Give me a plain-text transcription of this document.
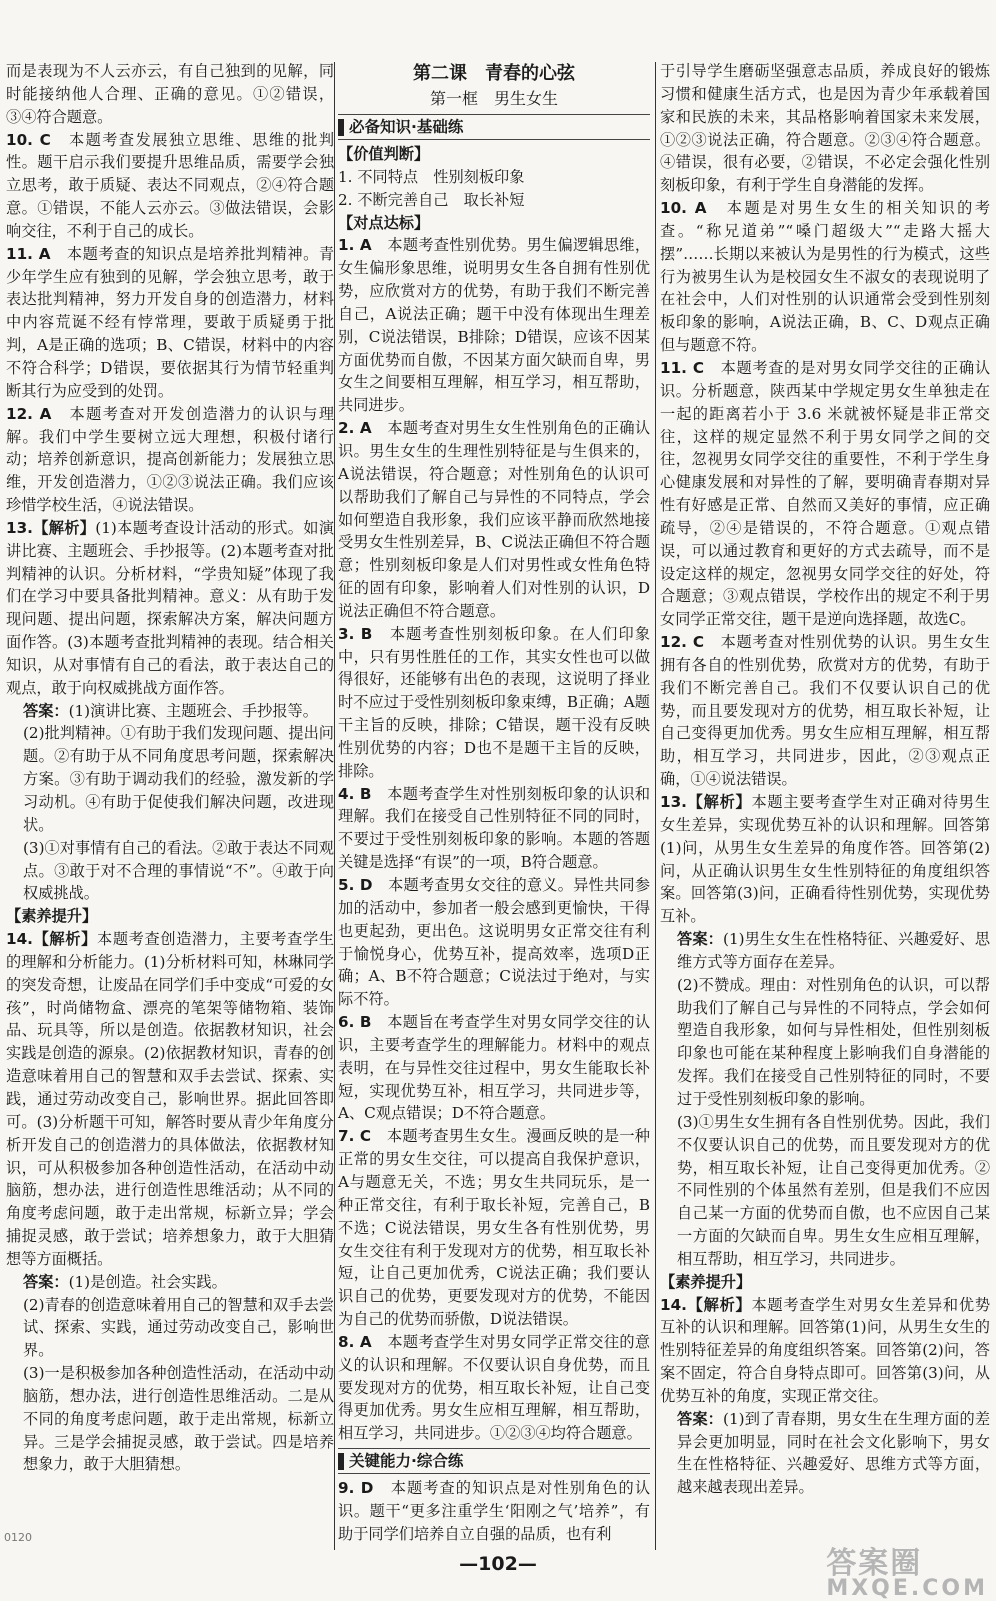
而是表现为不人云亦云，有自己独到的见解，同时能接纳他人合理、正确的意见。①②错误，③④符合题意。

10. C　 本题考查发展独立思维、思维的批判性。题干启示我们要提升思维品质，需要学会独立思考，敢于质疑、表达不同观点，②④符合题意。①错误，不能人云亦云。③做法错误，会影响交往，不利于自己的成长。

11. A　 本题考查的知识点是培养批判精神。青少年学生应有独到的见解，学会独立思考，敢于表达批判精神，努力开发自身的创造潜力，材料中内容荒诞不经有悖常理，要敢于质疑勇于批判，A是正确的选项；B、C错误，材料中的内容不符合科学；D错误，要依据其行为情节轻重判断其行为应受到的处罚。

12. A　 本题考查对开发创造潜力的认识与理解。我们中学生要树立远大理想，积极付诸行动；培养创新意识，提高创新能力；发展独立思维，开发创造潜力，①②③说法正确。我们应该珍惜学校生活，④说法错误。

13.【解析】(1)本题考查设计活动的形式。如演讲比赛、主题班会、手抄报等。(2)本题考查对批判精神的认识。分析材料，“学贵知疑”体现了我们在学习中要具备批判精神。意义：从有助于发现问题、提出问题，探索解决方案，解决问题方面作答。(3)本题考查批判精神的表现。结合相关知识，从对事情有自己的看法，敢于表达自己的观点，敢于向权威挑战方面作答。

答案：(1)演讲比赛、主题班会、手抄报等。

(2)批判精神。①有助于我们发现问题、提出问题。②有助于从不同角度思考问题，探索解决方案。③有助于调动我们的经验，激发新的学习动机。④有助于促使我们解决问题，改进现状。

(3)①对事情有自己的看法。②敢于表达不同观点。③敢于对不合理的事情说“不”。④敢于向权威挑战。

【素养提升】

14.【解析】本题考查创造潜力，主要考查学生的理解和分析能力。(1)分析材料可知，林琳同学的突发奇想，让废品在同学们手中变成“可爱的女孩”，时尚储物盒、漂亮的笔架等储物箱、装饰品、玩具等，所以是创造。依据教材知识，社会实践是创造的源泉。(2)依据教材知识，青春的创造意味着用自己的智慧和双手去尝试、探索、实践，通过劳动改变自己，影响世界。据此回答即可。(3)分析题干可知，解答时要从青少年角度分析开发自己的创造潜力的具体做法，依据教材知识，可从积极参加各种创造性活动，在活动中动脑筋，想办法，进行创造性思维活动；从不同的角度考虑问题，敢于走出常规，标新立异；学会捕捉灵感，敢于尝试；培养想象力，敢于大胆猜想等方面概括。

答案：(1)是创造。社会实践。

(2)青春的创造意味着用自己的智慧和双手去尝试、探索、实践，通过劳动改变自己，影响世界。

(3)一是积极参加各种创造性活动，在活动中动脑筋，想办法，进行创造性思维活动。二是从不同的角度考虑问题，敢于走出常规，标新立异。三是学会捕捉灵感，敢于尝试。四是培养想象力，敢于大胆猜想。

第二课　青春的心弦
第一框　男生女生
必备知识·基础练

【价值判断】

1. 不同特点　性别刻板印象

2. 不断完善自己　取长补短

【对点达标】

1. A　 本题考查性别优势。男生偏逻辑思维，女生偏形象思维，说明男女生各自拥有性别优势，应欣赏对方的优势，有助于我们不断完善自己，A说法正确；题干中没有体现出生理差别，C说法错误，B排除；D错误，应该不因某方面优势而自傲，不因某方面欠缺而自卑，男女生之间要相互理解，相互学习，相互帮助，共同进步。

2. A　 本题考查对男生女生性别角色的正确认识。男生女生的生理性别特征是与生俱来的，A说法错误，符合题意；对性别角色的认识可以帮助我们了解自己与异性的不同特点，学会如何塑造自我形象，我们应该平静而欣然地接受男女生性别差异，B、C说法正确但不符合题意；性别刻板印象是人们对男性或女性角色特征的固有印象，影响着人们对性别的认识，D说法正确但不符合题意。

3. B　 本题考查性别刻板印象。在人们印象中，只有男性胜任的工作，其实女性也可以做得很好，还能够有出色的表现，这说明了择业时不应过于受性别刻板印象束缚，B正确；A题干主旨的反映，排除；C错误，题干没有反映性别优势的内容；D也不是题干主旨的反映，排除。

4. B　 本题考查学生对性别刻板印象的认识和理解。我们在接受自己性别特征不同的同时，不要过于受性别刻板印象的影响。本题的答题关键是选择“有误”的一项，B符合题意。

5. D　 本题考查男女交往的意义。异性共同参加的活动中，参加者一般会感到更愉快，干得也更起劲，更出色。这说明男女正常交往有利于愉悦身心，优势互补，提高效率，选项D正确；A、B不符合题意；C说法过于绝对，与实际不符。

6. B　 本题旨在考查学生对男女同学交往的认识，主要考查学生的理解能力。材料中的观点表明，在与异性交往过程中，男女生能取长补短，实现优势互补，相互学习，共同进步等，A、C观点错误；D不符合题意。

7. C　 本题考查男生女生。漫画反映的是一种正常的男女生交往，可以提高自我保护意识，A与题意无关，不选；男女生共同玩乐，是一种正常交往，有利于取长补短，完善自己，B不选；C说法错误，男女生各有性别优势，男女生交往有利于发现对方的优势，相互取长补短，让自己更加优秀，C说法正确；我们要认识自己的优势，更要发现对方的优势，不能因为自己的优势而骄傲，D说法错误。

8. A　 本题考查学生对男女同学正常交往的意义的认识和理解。不仅要认识自身优势，而且要发现对方的优势，相互取长补短，让自己变得更加优秀。男女生应相互理解，相互帮助，相互学习，共同进步。①②③④均符合题意。

关键能力·综合练

9. D　 本题考查的知识点是对性别角色的认识。题干“更多注重学生‘阳刚之气’培养”，有助于同学们培养自立自强的品质，也有利

于引导学生磨砺坚强意志品质，养成良好的锻炼习惯和健康生活方式，也是因为青少年承载着国家和民族的未来，其品格影响着国家未来发展，①②③说法正确，符合题意。②③④符合题意。④错误，很有必要，②错误，不必定会强化性别刻板印象，有利于学生自身潜能的发挥。

10. A　 本题是对男生女生的相关知识的考查。“称兄道弟”“嗓门超级大”“走路大摇大摆”……长期以来被认为是男性的行为模式，这些行为被男生认为是校园女生不淑女的表现说明了在社会中，人们对性别的认识通常会受到性别刻板印象的影响，A说法正确，B、C、D观点正确但与题意不符。

11. C　 本题考查的是对男女同学交往的正确认识。分析题意，陕西某中学规定男女生单独走在一起的距离若小于 3.6 米就被怀疑是非正常交往，这样的规定显然不利于男女同学之间的交往，忽视男女同学交往的重要性，不利于学生身心健康发展和对异性的了解，要明确青春期对异性有好感是正常、自然而又美好的事情，应正确疏导，②④是错误的，不符合题意。①观点错误，可以通过教育和更好的方式去疏导，而不是设定这样的规定，忽视男女同学交往的好处，符合题意；③观点错误，学校作出的规定不利于男女同学正常交往，题干是逆向选择题，故选C。

12. C　 本题考查对性别优势的认识。男生女生拥有各自的性别优势，欣赏对方的优势，有助于我们不断完善自己。我们不仅要认识自己的优势，而且要发现对方的优势，相互取长补短，让自己变得更加优秀。男女生应相互理解，相互帮助，相互学习，共同进步，因此，②③观点正确，①④说法错误。

13.【解析】本题主要考查学生对正确对待男生女生差异，实现优势互补的认识和理解。回答第(1)问，从男生女生差异的角度作答。回答第(2)问，从正确认识男生女生性别特征的角度组织答案。回答第(3)问，正确看待性别优势，实现优势互补。

答案：(1)男生女生在性格特征、兴趣爱好、思维方式等方面存在差异。

(2)不赞成。理由：对性别角色的认识，可以帮助我们了解自己与异性的不同特点，学会如何塑造自我形象，如何与异性相处，但性别刻板印象也可能在某种程度上影响我们自身潜能的发挥。我们在接受自己性别特征的同时，不要过于受性别刻板印象的影响。

(3)①男生女生拥有各自性别优势。因此，我们不仅要认识自己的优势，而且要发现对方的优势，相互取长补短，让自己变得更加优秀。②不同性别的个体虽然有差别，但是我们不应因自己某一方面的优势而自傲，也不应因自己某一方面的欠缺而自卑。男生女生应相互理解，相互帮助，相互学习，共同进步。

【素养提升】

14.【解析】本题考查学生对男女生差异和优势互补的认识和理解。回答第(1)问，从男生女生的性别特征差异的角度组织答案。回答第(2)问，答案不固定，符合自身特点即可。回答第(3)问，从优势互补的角度，实现正常交往。

答案：(1)到了青春期，男女生在生理方面的差异会更加明显，同时在社会文化影响下，男女生在性格特征、兴趣爱好、思维方式等方面，越来越表现出差异。

0120
—102—	答案圈
MXQE.COM
